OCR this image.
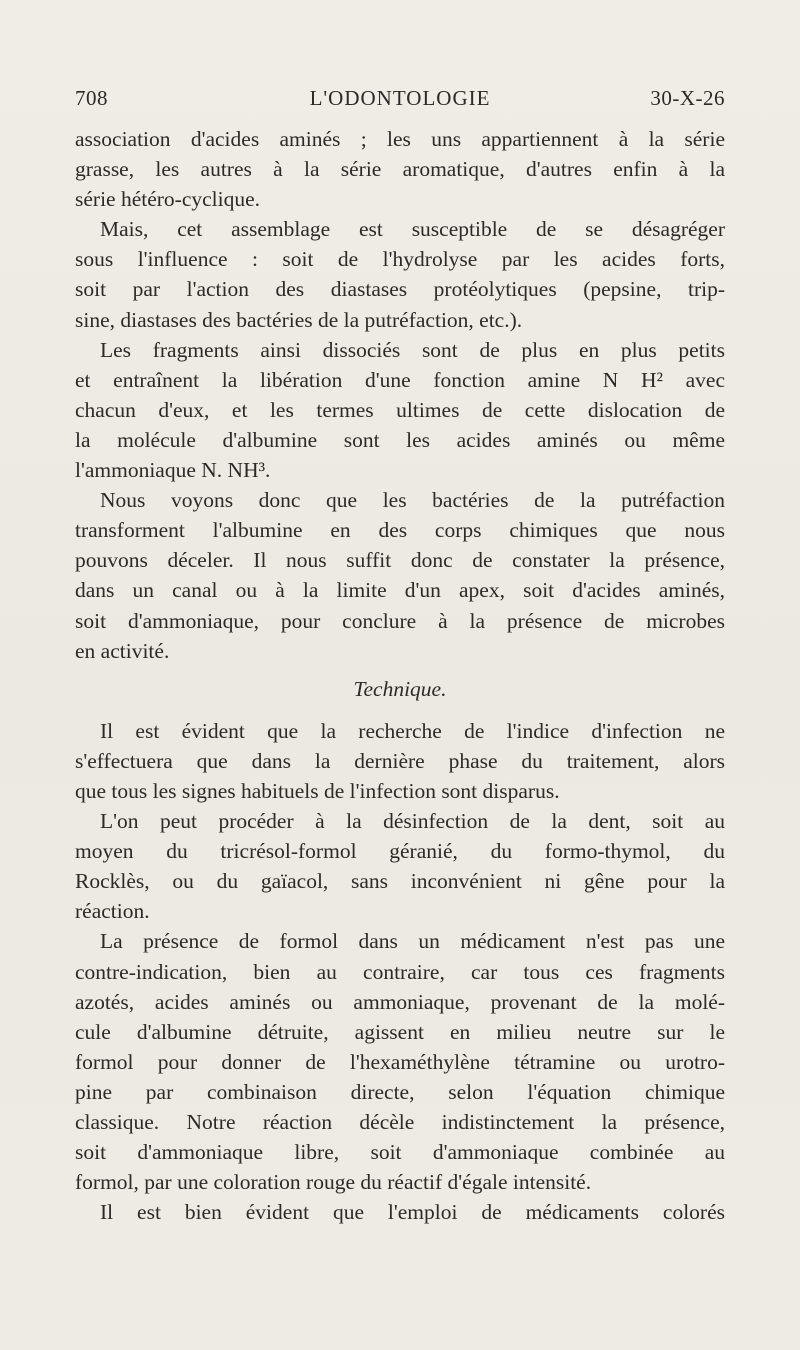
708	L'ODONTOLOGIE	30-X-26
association d'acides aminés ; les uns appartiennent à la série
grasse, les autres à la série aromatique, d'autres enfin à la
série hétéro-cyclique.
Mais, cet assemblage est susceptible de se désagréger
sous l'influence : soit de l'hydrolyse par les acides forts,
soit par l'action des diastases protéolytiques (pepsine, trip-
sine, diastases des bactéries de la putréfaction, etc.).
Les fragments ainsi dissociés sont de plus en plus petits
et entraînent la libération d'une fonction amine N H² avec
chacun d'eux, et les termes ultimes de cette dislocation de
la molécule d'albumine sont les acides aminés ou même
l'ammoniaque N. NH³.
Nous voyons donc que les bactéries de la putréfaction
transforment l'albumine en des corps chimiques que nous
pouvons déceler. Il nous suffit donc de constater la présence,
dans un canal ou à la limite d'un apex, soit d'acides aminés,
soit d'ammoniaque, pour conclure à la présence de microbes
en activité.
Technique.
Il est évident que la recherche de l'indice d'infection ne
s'effectuera que dans la dernière phase du traitement, alors
que tous les signes habituels de l'infection sont disparus.
L'on peut procéder à la désinfection de la dent, soit au
moyen du tricrésol-formol géranié, du formo-thymol, du
Rocklès, ou du gaïacol, sans inconvénient ni gêne pour la
réaction.
La présence de formol dans un médicament n'est pas une
contre-indication, bien au contraire, car tous ces fragments
azotés, acides aminés ou ammoniaque, provenant de la molé-
cule d'albumine détruite, agissent en milieu neutre sur le
formol pour donner de l'hexaméthylène tétramine ou urotro-
pine par combinaison directe, selon l'équation chimique
classique. Notre réaction décèle indistinctement la présence,
soit d'ammoniaque libre, soit d'ammoniaque combinée au
formol, par une coloration rouge du réactif d'égale intensité.
Il est bien évident que l'emploi de médicaments colorés
